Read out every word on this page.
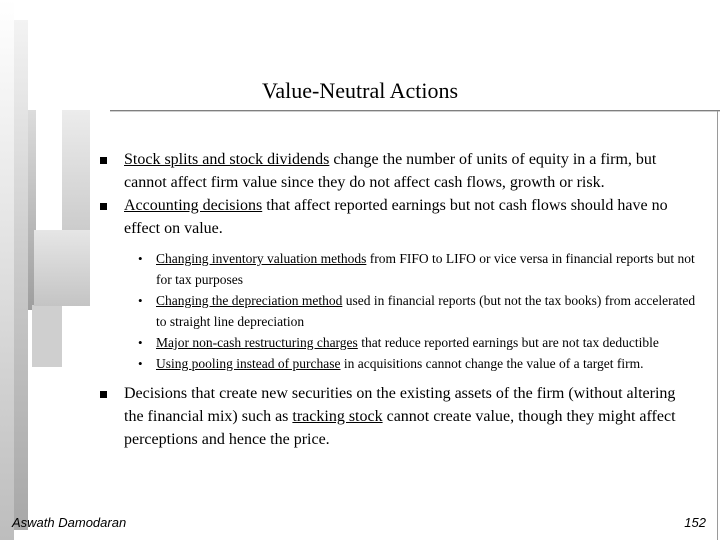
Value-Neutral Actions
Stock splits and stock dividends change the number of units of equity in a firm, but cannot affect firm value since they do not affect cash flows, growth or risk.
Accounting decisions that affect reported earnings but not cash flows should have no effect on value.
• Changing inventory valuation methods from FIFO to LIFO or vice versa in financial reports but not for tax purposes
• Changing the depreciation method used in financial reports (but not the tax books) from accelerated to straight line depreciation
• Major non-cash restructuring charges that reduce reported earnings but are not tax deductible
• Using pooling instead of purchase in acquisitions cannot change the value of a target firm.
Decisions that create new securities on the existing assets of the firm (without altering the financial mix) such as tracking stock cannot create value, though they might affect perceptions and hence the price.
Aswath Damodaran	152
